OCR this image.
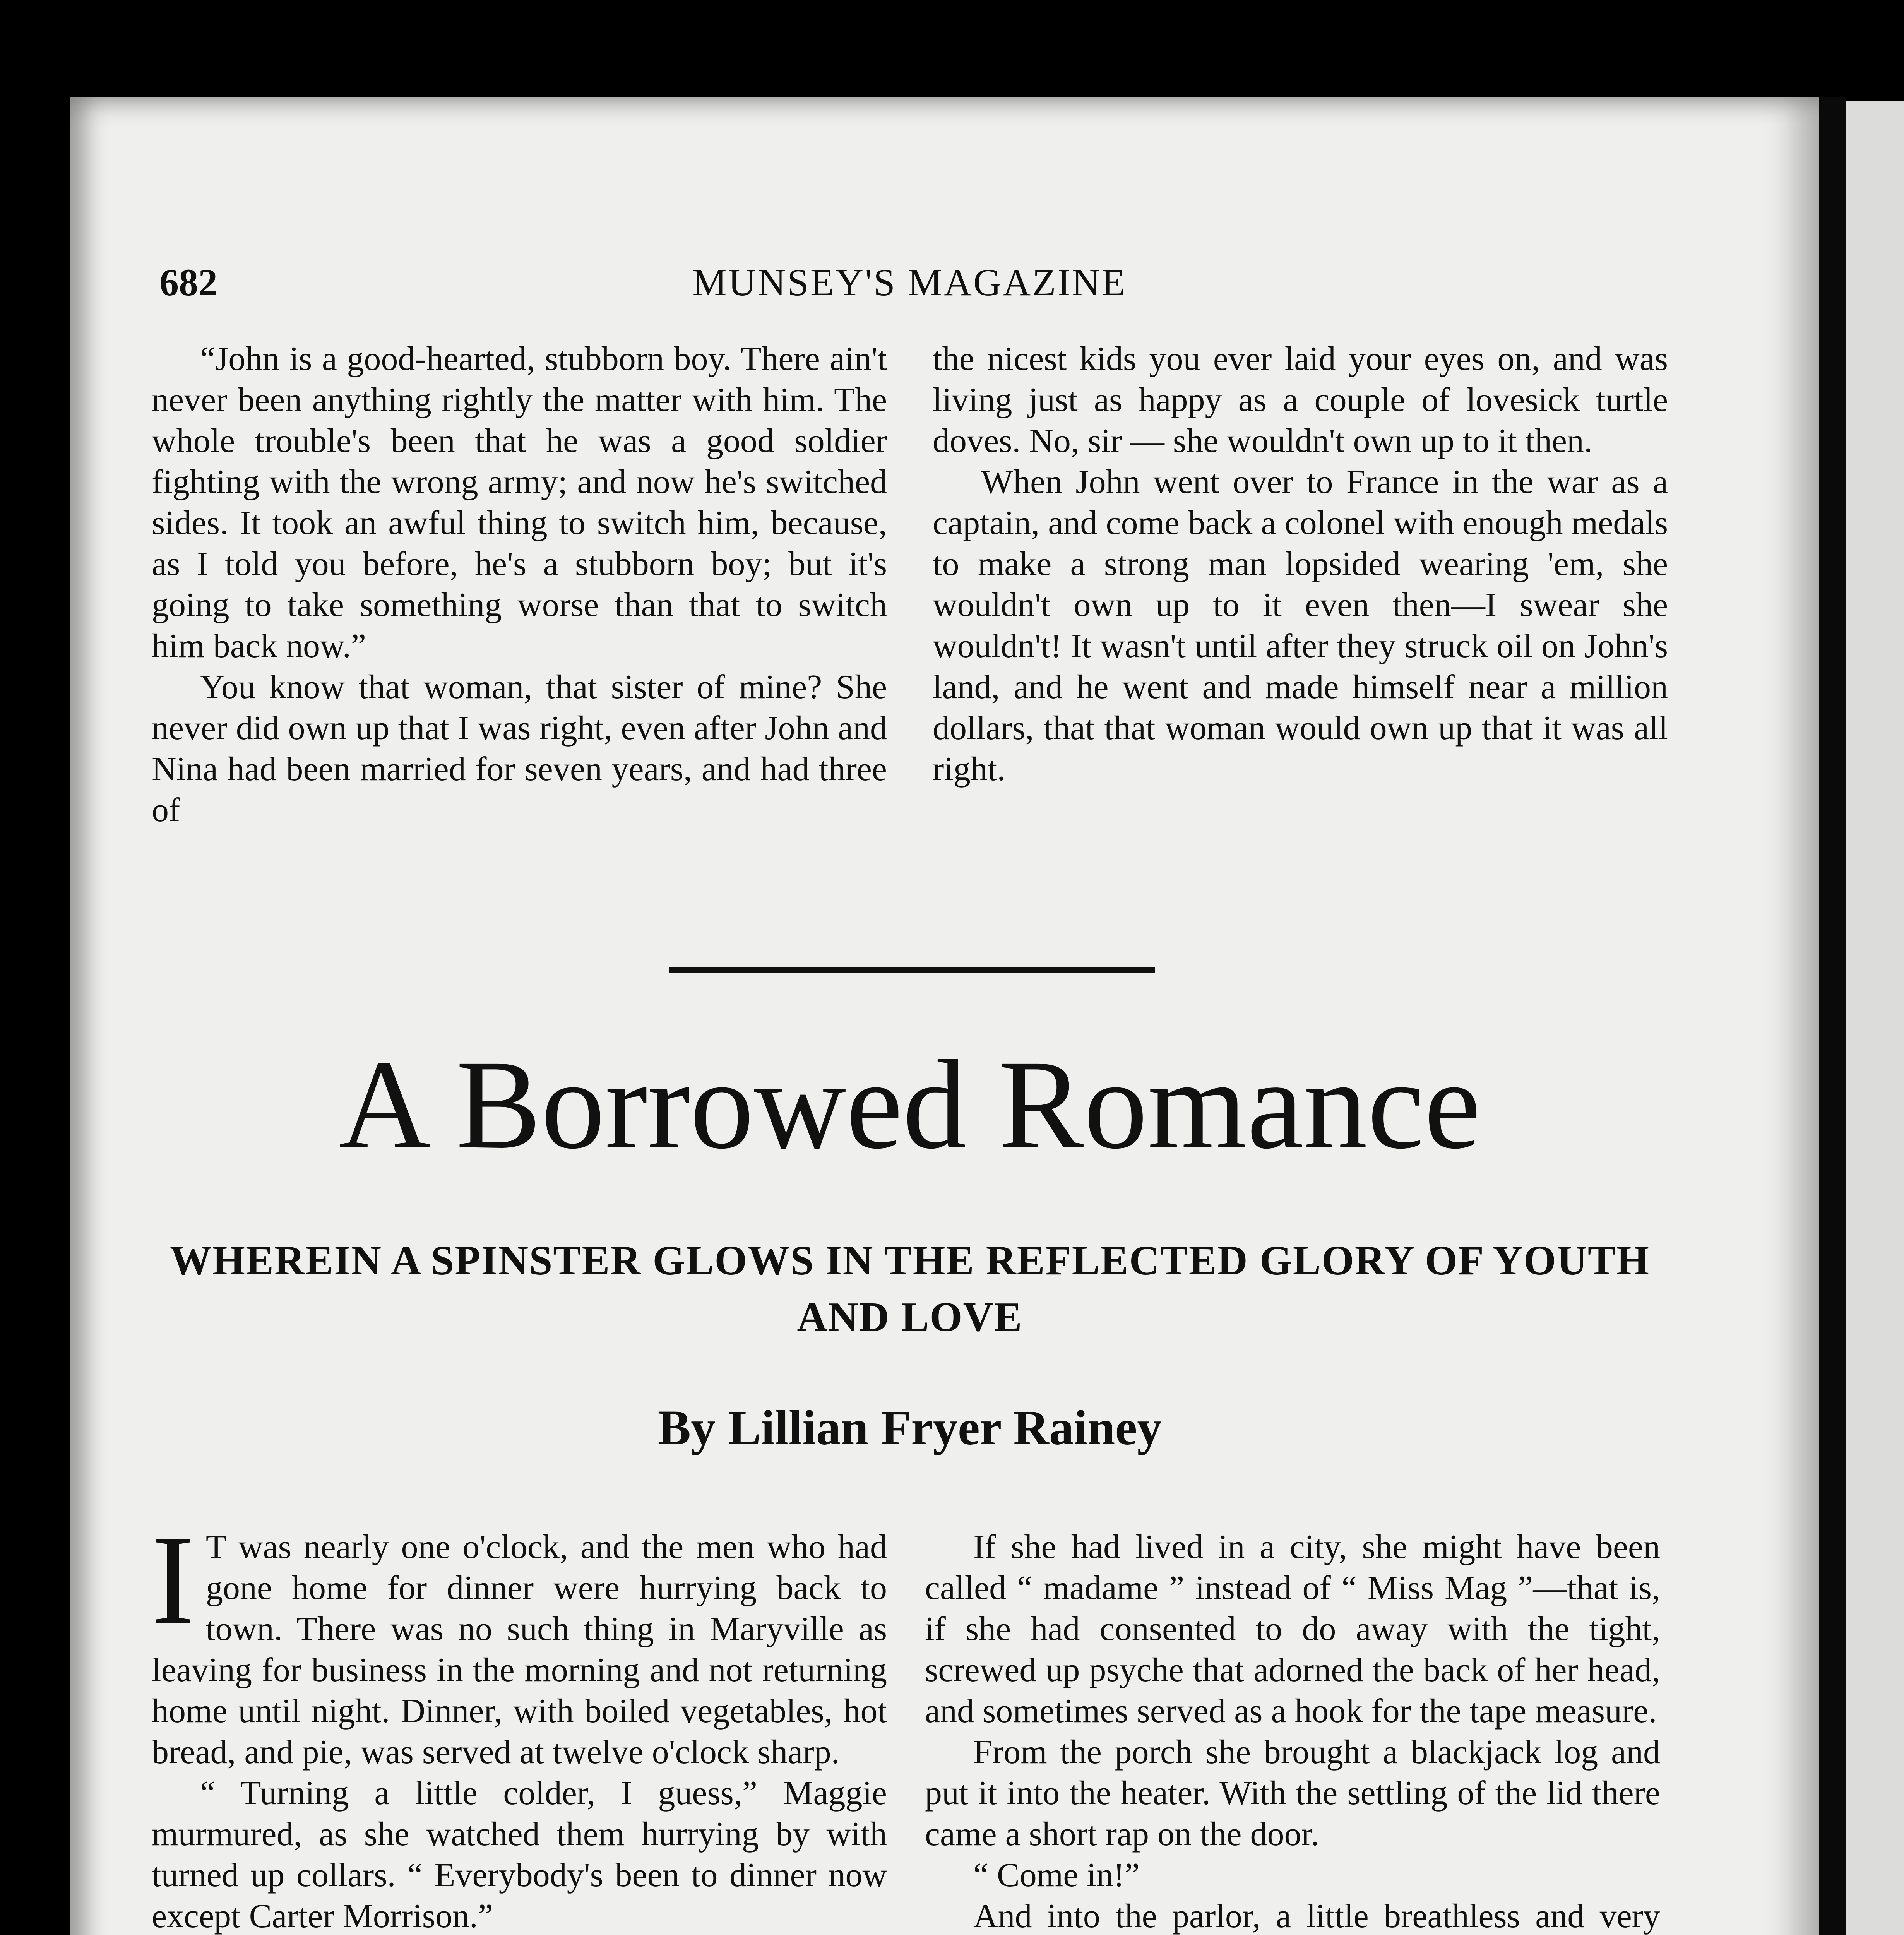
682	MUNSEY'S MAGAZINE

“John is a good-hearted, stubborn boy. There ain't never been anything rightly the matter with him. The whole trouble's been that he was a good soldier fighting with the wrong army; and now he's switched sides. It took an awful thing to switch him, because, as I told you before, he's a stubborn boy; but it's going to take something worse than that to switch him back now.”

You know that woman, that sister of mine? She never did own up that I was right, even after John and Nina had been married for seven years, and had three of

the nicest kids you ever laid your eyes on, and was living just as happy as a couple of lovesick turtle doves. No, sir — she wouldn't own up to it then.

When John went over to France in the war as a captain, and come back a colonel with enough medals to make a strong man lopsided wearing 'em, she wouldn't own up to it even then—I swear she wouldn't! It wasn't until after they struck oil on John's land, and he went and made himself near a million dollars, that that woman would own up that it was all right.

A Borrowed Romance
WHEREIN A SPINSTER GLOWS IN THE REFLECTED GLORY OF YOUTH AND LOVE
By Lillian Fryer Rainey
I T was nearly one o'clock, and the men who had gone home for dinner were hurrying back to town. There was no such thing in Maryville as leaving for business in the morning and not returning home until night. Dinner, with boiled vegetables, hot bread, and pie, was served at twelve o'clock sharp.

“ Turning a little colder, I guess,” Maggie murmured, as she watched them hurrying by with turned up collars. “ Everybody's been to dinner now except Carter Morrison.”

If she had lived in a city, she might have been called “ madame ” instead of “ Miss Mag ”—that is, if she had consented to do away with the tight, screwed up psyche that adorned the back of her head, and sometimes served as a hook for the tape measure.

From the porch she brought a blackjack log and put it into the heater. With the settling of the lid there came a short rap on the door.

“ Come in!”

And into the parlor, a little breathless and very
